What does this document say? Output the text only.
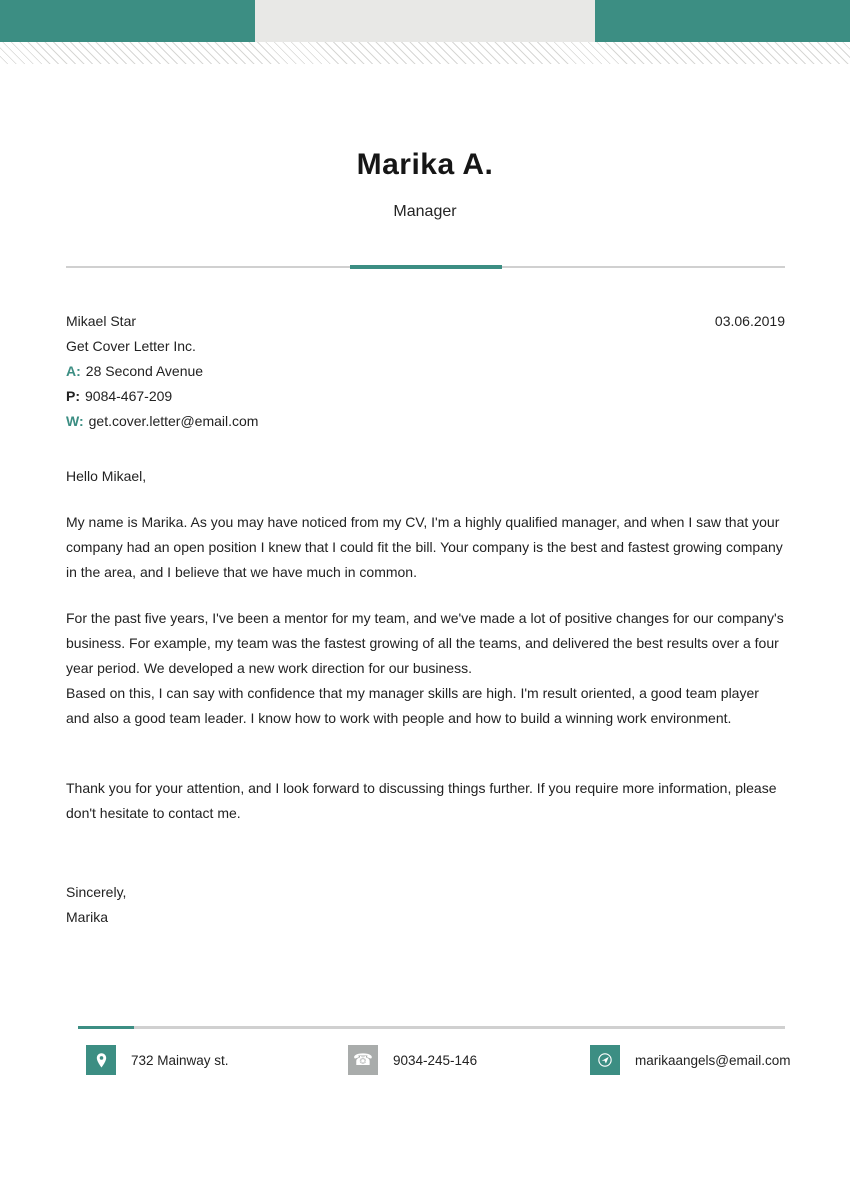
Marika A.
Manager
03.06.2019
Mikael Star
Get Cover Letter Inc.
A: 28 Second Avenue
P: 9084-467-209
W: get.cover.letter@email.com

Hello Mikael,

My name is Marika. As you may have noticed from my CV, I'm a highly qualified manager, and when I saw that your company had an open position I knew that I could fit the bill. Your company is the best and fastest growing company in the area, and I believe that we have much in common.

For the past five years, I've been a mentor for my team, and we've made a lot of positive changes for our company's business. For example, my team was the fastest growing of all the teams, and delivered the best results over a four year period. We developed a new work direction for our business.

Based on this, I can say with confidence that my manager skills are high. I'm result oriented, a good team player and also a good team leader. I know how to work with people and how to build a winning work environment.

Thank you for your attention, and I look forward to discussing things further. If you require more information, please don't hesitate to contact me.

Sincerely,

Marika

732 Mainway st.	☎ 9034-245-146	marikaangels@email.com
